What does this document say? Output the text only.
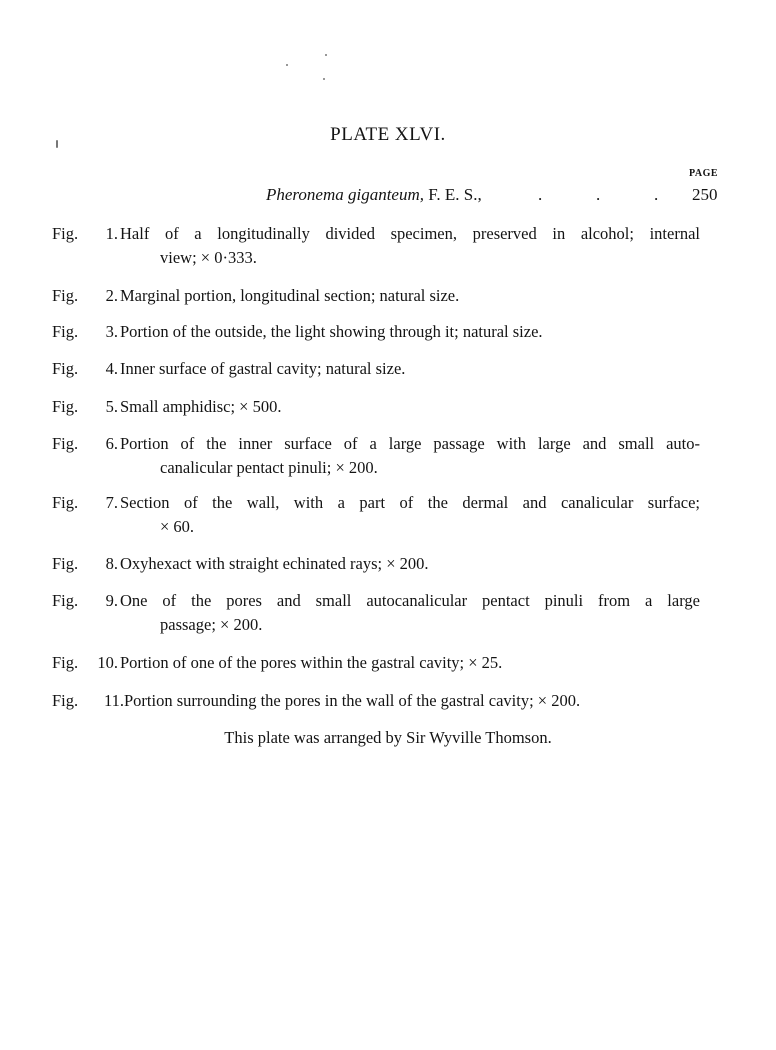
PLATE XLVI.
PAGE
Pheronema giganteum, F. E. S.,	.	.	. 250
Fig.	1. Half of a longitudinally divided specimen, preserved in alcohol; internal
view; × 0·333.
Fig.	2. Marginal portion, longitudinal section; natural size.
Fig.	3. Portion of the outside, the light showing through it; natural size.
Fig.	4. Inner surface of gastral cavity; natural size.
Fig.	5. Small amphidisc; × 500.
Fig.	6. Portion of the inner surface of a large passage with large and small auto-
canalicular pentact pinuli; × 200.
Fig.	7. Section of the wall, with a part of the dermal and canalicular surface;
× 60.
Fig.	8. Oxyhexact with straight echinated rays; × 200.
Fig.	9. One of the pores and small autocanalicular pentact pinuli from a large
passage; × 200.
Fig. 10. Portion of one of the pores within the gastral cavity; × 25.
Fig. 11. Portion surrounding the pores in the wall of the gastral cavity; × 200.
This plate was arranged by Sir Wyville Thomson.
